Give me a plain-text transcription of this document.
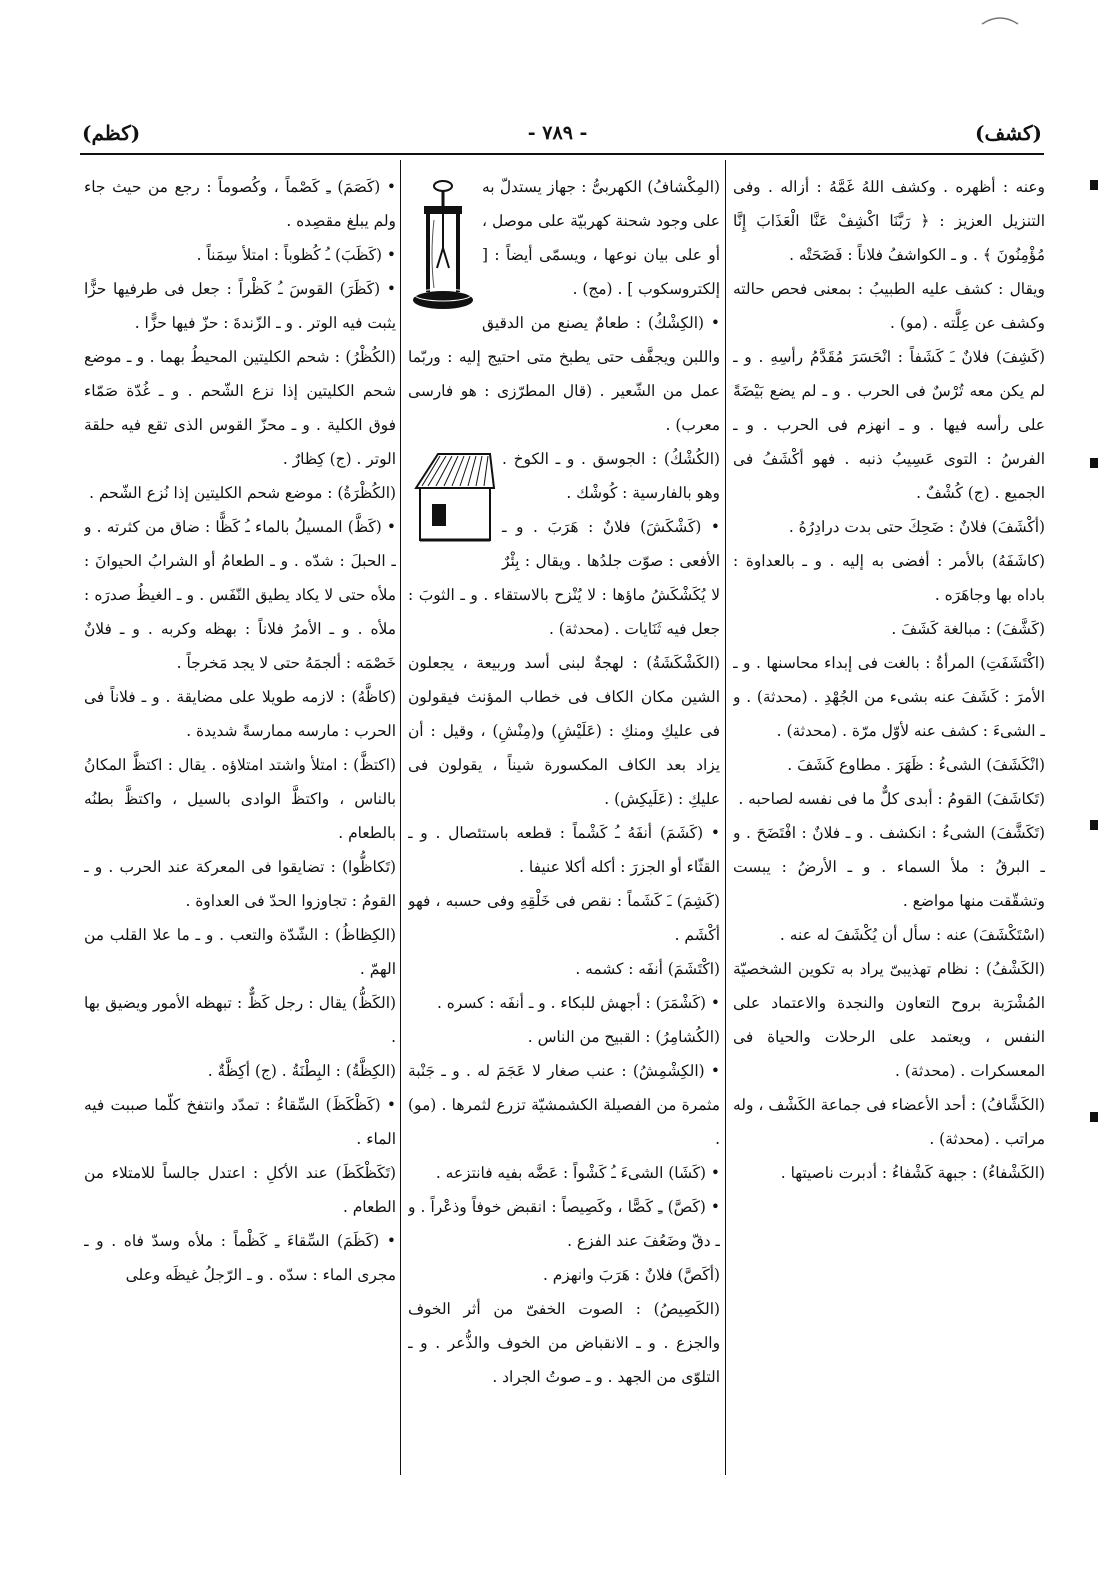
(كشف)
- ٧٨٩ -
(كظم)

وعنه : أظهره . وكشف اللهُ غَمَّهُ : أزاله . وفى التنزيل العزيز : ﴿ رَبَّنَا اكْشِفْ عَنَّا الْعَذَابَ إِنَّا مُؤْمِنُونَ ﴾ . و ـ الكواشفُ فلاناً : فَضَحَتْه .

ويقال : كشف عليه الطبيبُ : بمعنى فحص حالته وكشف عن عِلَّته . (مو) .

(كَشِفَ) فلانٌ ـَ كَشَفاً : انْحَسَرَ مُقَدَّمُ رأسِهِ . و ـ لم يكن معه تُرْسٌ فى الحرب . و ـ لم يضع بَيْضَةً على رأسه فيها . و ـ انهزم فى الحرب . و ـ الفرسُ : التوى عَسِيبُ ذنبه . فهو أكْشَفُ فى الجميع . (ج) كُشْفٌ .

(أكْشَفَ) فلانٌ : ضَحِكَ حتى بدت درادِرُهُ .

(كاشَفَهُ) بالأمر : أفضى به إليه . و ـ بالعداوة : باداه بها وجاهَرَه .

(كَشَّفَ) : مبالغة كَشَفَ .

(اكْتَشَفَتِ) المرأةُ : بالغت فى إبداء محاسنها . و ـ الأمرَ : كَشَفَ عنه بشىء من الجُهْدِ . (محدثة) . و ـ الشىءَ : كشف عنه لأوّل مرّة . (محدثة) .

(انْكَشَفَ) الشىءُ : ظَهَرَ . مطاوع كَشَفَ .

(تَكاشَفَ) القومُ : أبدى كلٌّ ما فى نفسه لصاحبه .

(تَكَشَّفَ) الشىءُ : انكشف . و ـ فلانٌ : افْتَضَحَ . و ـ البرقُ : ملأ السماء . و ـ الأرضُ : يبست وتشقّقت منها مواضع .

(اسْتَكْشَفَ) عنه : سأل أن يُكْشَفَ له عنه .

(الكَشْفُ) : نظام تهذيبىّ يراد به تكوين الشخصيّة المُشْرَبة بروح التعاون والنجدة والاعتماد على النفس ، ويعتمد على الرحلات والحياة فى المعسكرات . (محدثة) .

(الكَشَّافُ) : أحد الأعضاء فى جماعة الكَشْف ، وله مراتب . (محدثة) .

(الكَشْفاءُ) : جبهة كَشْفاءُ : أدبرت ناصيتها .

(المِكْشافُ) الكهربىُّ : جهاز يستدلّ به على وجود شحنة كهربيّة على موصل ، أو على بيان نوعها ، ويسمّى أيضاً : [ إلكتروسكوب ] . (مج) .

• (الكِشْكُ) : طعامٌ يصنع من الدقيق واللبن ويجفَّف حتى يطبخ متى احتيج إليه : وربّما عمل من الشّعير . (قال المطرّزى : هو فارسى معرب) .

(الكُشْكُ) : الجوسق . و ـ الكوخ . وهو بالفارسية : كُوشْك .

• (كَشْكَشَ) فلانٌ : هَرَبَ . و ـ الأفعى : صوّت جلدُها . ويقال : بِئْرٌ لا يُكَشْكَشُ ماؤها : لا يُنْزح بالاستقاء . و ـ الثوبَ : جعل فيه ثَنَايات . (محدثة) .

(الكَشْكَشَةُ) : لهجةٌ لبنى أسد وربيعة ، يجعلون الشين مكان الكاف فى خطاب المؤنث فيقولون فى عليكِ ومنكِ : (عَلَيْشِ) و(مِنْشِ) ، وقيل : أن يزاد بعد الكاف المكسورة شيناً ، يقولون فى عليكِ : (عَلَيكِش) .

• (كَشَمَ) أنفَهُ ـُ كَشْماً : قطعه باستئصال . و ـ القثّاء أو الجزرَ : أكله أكلا عنيفا .

(كَشِمَ) ـَ كَشَماً : نقص فى خَلْقِهِ وفى حسبه ، فهو أكْشَم .

(اكْتَشَمَ) أنفَه : كشمه .

• (كَشْمَرَ) : أجهش للبكاء . و ـ أنفَه : كسره .

(الكُشامِرُ) : القبيح من الناس .

• (الكِشْمِشُ) : عنب صغار لا عَجَمَ له . و ـ جَنْبة مثمرة من الفصيلة الكشمشيّة تزرع لثمرها . (مو) .

• (كَشَا) الشىءَ ـُ كَشْواً : عَضَّه بفيه فانتزعه .

• (كَصَّ) ـِ كَصًّا ، وكَصِيصاً : انقبض خوفاً وذعْراً . و ـ دقّ وضَعُفَ عند الفزع .

(أكَصَّ) فلانٌ : هَرَبَ وانهزم .

(الكَصِيصُ) : الصوت الخفىّ من أثر الخوف والجزع . و ـ الانقباض من الخوف والذُّعر . و ـ التلوّى من الجهد . و ـ صوتُ الجراد .

• (كَصَمَ) ـِ كَصْماً ، وكُصوماً : رجع من حيث جاء ولم يبلغ مقصِده .

• (كَظَبَ) ـُ كُظوباً : امتلأ سِمَناً .

• (كَظَرَ) القوسَ ـُ كَظْراً : جعل فى طرفيها حزًّا يثبت فيه الوتر . و ـ الزّندةَ : حزّ فيها حزًّا .

(الكُظْرُ) : شحم الكليتين المحيطُ بهما . و ـ موضع شحم الكليتين إذا نزع الشّحم . و ـ غُدّة صَمّاء فوق الكلية . و ـ محزّ القوس الذى تقع فيه حلقة الوتر . (ج) كِظارٌ .

(الكُظْرَةُ) : موضع شحم الكليتين إذا نُزع الشّحم .

• (كَظَّ) المسيلُ بالماء ـُ كَظًّا : ضاق من كثرته . و ـ الحبلَ : شدّه . و ـ الطعامُ أو الشرابُ الحيوانَ : ملأه حتى لا يكاد يطيق النّفَس . و ـ الغيظُ صدرَه : ملأه . و ـ الأمرُ فلاناً : بهظه وكربه . و ـ فلانٌ خَصْمَه : ألجمَهُ حتى لا يجد مَخرجاً .

(كاظَّهُ) : لازمه طويلا على مضايقة . و ـ فلاناً فى الحرب : مارسه ممارسةً شديدة .

(اكتظَّ) : امتلأ واشتد امتلاؤه . يقال : اكتظَّ المكانُ بالناس ، واكتظَّ الوادى بالسيل ، واكتظَّ بطنُه بالطعام .

(تَكاظُّوا) : تضايقوا فى المعركة عند الحرب . و ـ القومُ : تجاوزوا الحدّ فى العداوة .

(الكِظاظُ) : الشّدّة والتعب . و ـ ما علا القلب من الهمّ .

(الكَظُّ) يقال : رجل كَظٌّ : تبهظه الأمور ويضيق بها .

(الكِظَّةُ) : البِطْنَةُ . (ج) أكِظَّةٌ .

• (كَظْكَظَ) السِّقاءُ : تمدّد وانتفخ كلّما صببت فيه الماء .

(تَكَظْكَظَ) عند الأكلِ : اعتدل جالساً للامتلاء من الطعام .

• (كَظَمَ) السِّقاءَ ـِ كَظْماً : ملأه وسدّ فاه . و ـ مجرى الماء : سدّه . و ـ الرّجلُ غيظَه وعلى
